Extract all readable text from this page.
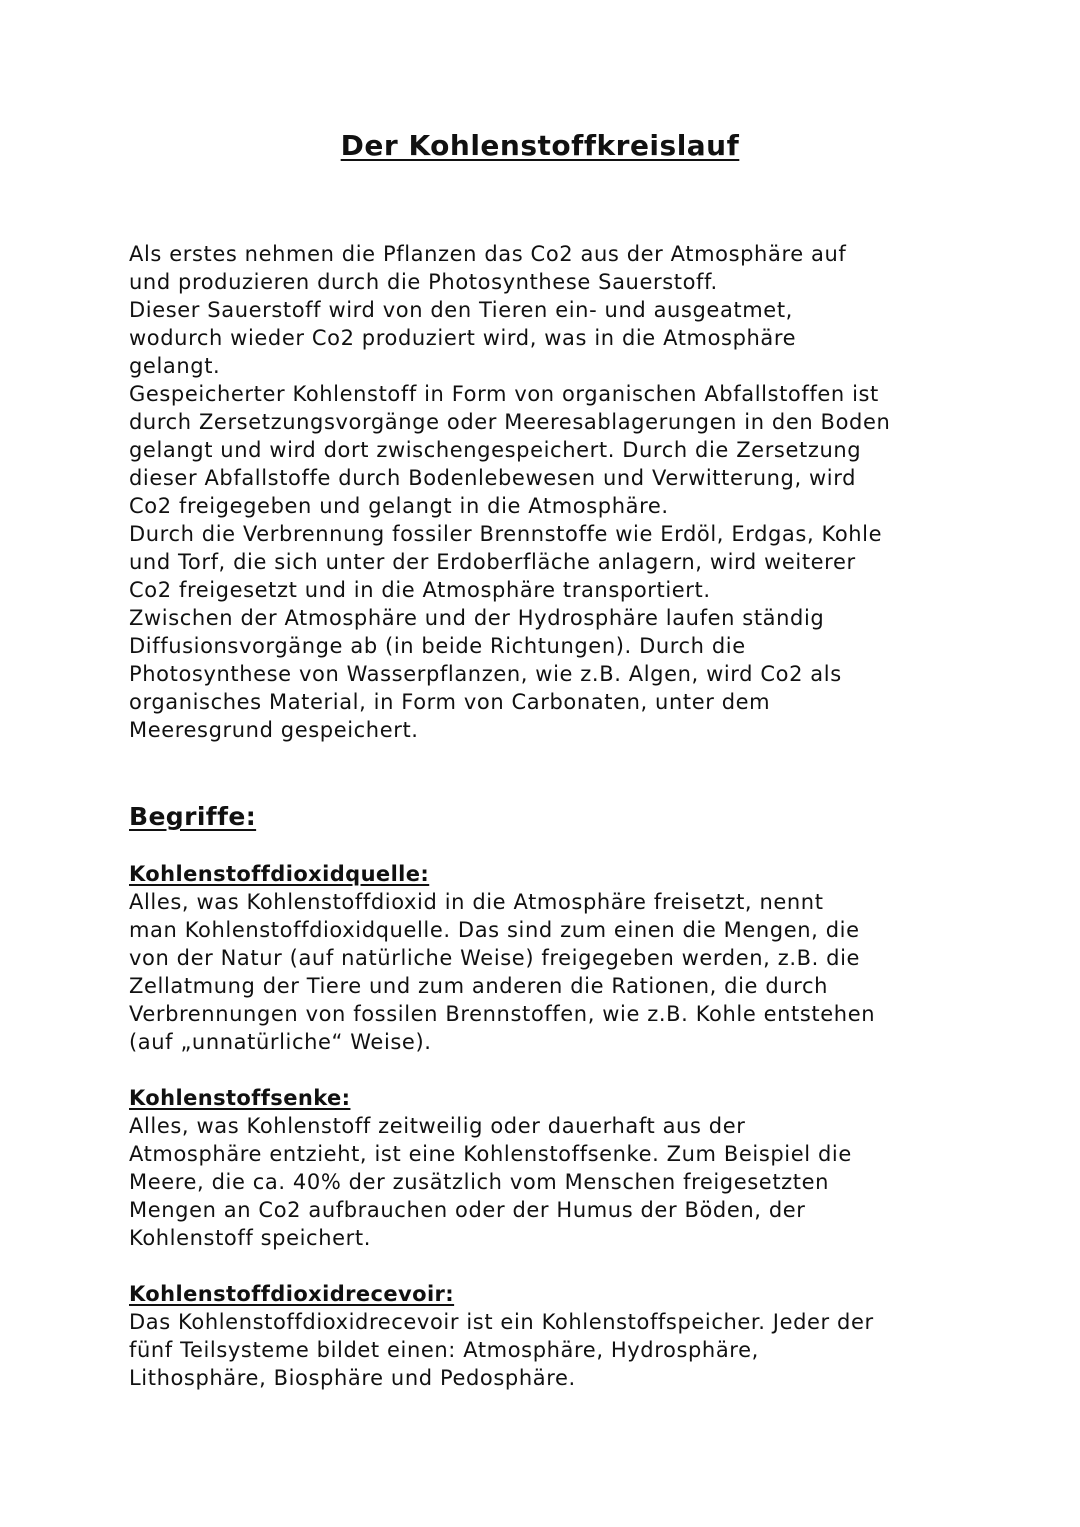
Der Kohlenstoffkreislauf
Als erstes nehmen die Pflanzen das Co2 aus der Atmosphäre auf
und produzieren durch die Photosynthese Sauerstoff.
Dieser Sauerstoff wird von den Tieren ein- und ausgeatmet,
wodurch wieder Co2 produziert wird, was in die Atmosphäre
gelangt.
Gespeicherter Kohlenstoff in Form von organischen Abfallstoffen ist
durch Zersetzungsvorgänge oder Meeresablagerungen in den Boden
gelangt und wird dort zwischengespeichert. Durch die Zersetzung
dieser Abfallstoffe durch Bodenlebewesen und Verwitterung, wird
Co2 freigegeben und gelangt in die Atmosphäre.
Durch die Verbrennung fossiler Brennstoffe wie Erdöl, Erdgas, Kohle
und Torf, die sich unter der Erdoberfläche anlagern, wird weiterer
Co2 freigesetzt und in die Atmosphäre transportiert.
Zwischen der Atmosphäre und der Hydrosphäre laufen ständig
Diffusionsvorgänge ab (in beide Richtungen). Durch die
Photosynthese von Wasserpflanzen, wie z.B. Algen, wird Co2 als
organisches Material, in Form von Carbonaten, unter dem
Meeresgrund gespeichert.
Begriffe:
Kohlenstoffdioxidquelle:
Alles, was Kohlenstoffdioxid in die Atmosphäre freisetzt, nennt
man Kohlenstoffdioxidquelle. Das sind zum einen die Mengen, die
von der Natur (auf natürliche Weise) freigegeben werden, z.B. die
Zellatmung der Tiere und zum anderen die Rationen, die durch
Verbrennungen von fossilen Brennstoffen, wie z.B. Kohle entstehen
(auf „unnatürliche“ Weise).
Kohlenstoffsenke:
Alles, was Kohlenstoff zeitweilig oder dauerhaft aus der
Atmosphäre entzieht, ist eine Kohlenstoffsenke. Zum Beispiel die
Meere, die ca. 40% der zusätzlich vom Menschen freigesetzten
Mengen an Co2 aufbrauchen oder der Humus der Böden, der
Kohlenstoff speichert.
Kohlenstoffdioxidrecevoir:
Das Kohlenstoffdioxidrecevoir ist ein Kohlenstoffspeicher. Jeder der
fünf Teilsysteme bildet einen: Atmosphäre, Hydrosphäre,
Lithosphäre, Biosphäre und Pedosphäre.
